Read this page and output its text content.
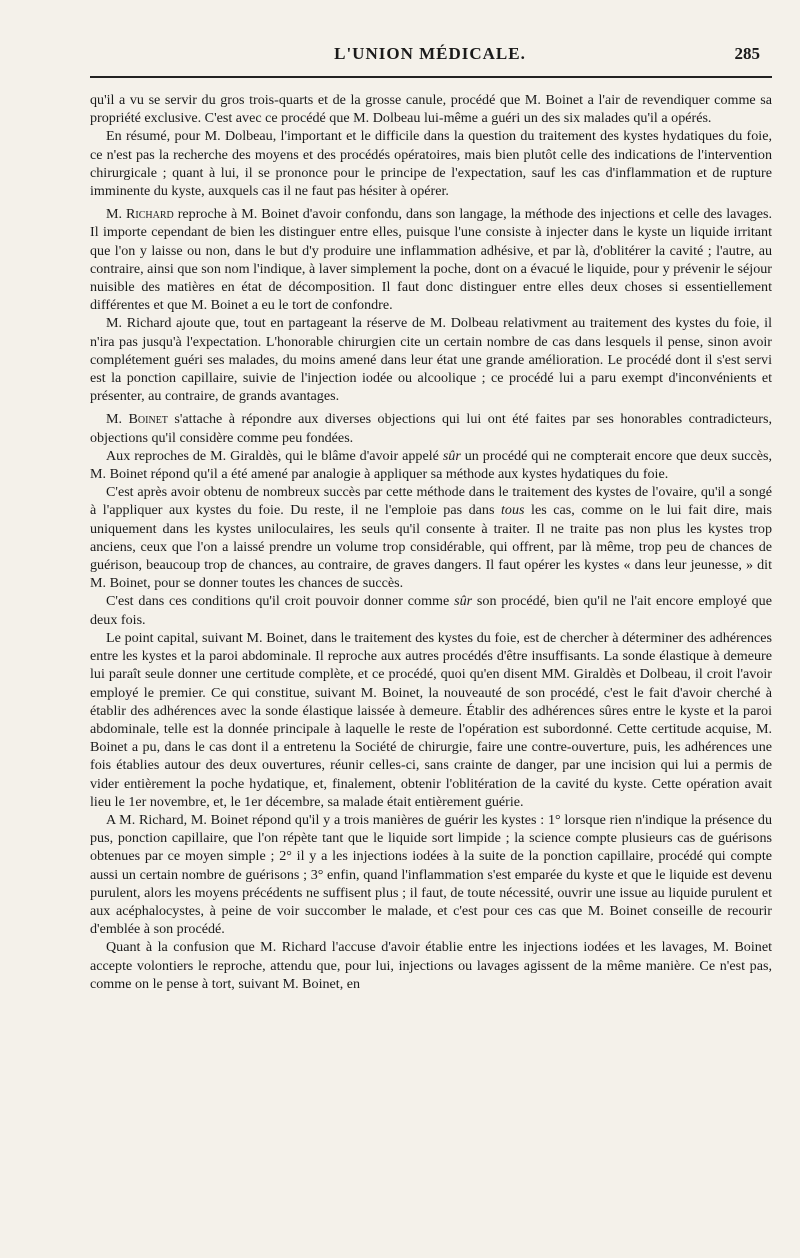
L'UNION MÉDICALE.	285

qu'il a vu se servir du gros trois-quarts et de la grosse canule, procédé que M. Boinet a l'air de revendiquer comme sa propriété exclusive. C'est avec ce procédé que M. Dolbeau lui-même a guéri un des six malades qu'il a opérés.

En résumé, pour M. Dolbeau, l'important et le difficile dans la question du traitement des kystes hydatiques du foie, ce n'est pas la recherche des moyens et des procédés opératoires, mais bien plutôt celle des indications de l'intervention chirurgicale ; quant à lui, il se prononce pour le principe de l'expectation, sauf les cas d'inflammation et de rupture imminente du kyste, auxquels cas il ne faut pas hésiter à opérer.

M. Richard reproche à M. Boinet d'avoir confondu, dans son langage, la méthode des injections et celle des lavages. Il importe cependant de bien les distinguer entre elles, puisque l'une consiste à injecter dans le kyste un liquide irritant que l'on y laisse ou non, dans le but d'y produire une inflammation adhésive, et par là, d'oblitérer la cavité ; l'autre, au contraire, ainsi que son nom l'indique, à laver simplement la poche, dont on a évacué le liquide, pour y prévenir le séjour nuisible des matières en état de décomposition. Il faut donc distinguer entre elles deux choses si essentiellement différentes et que M. Boinet a eu le tort de confondre.

M. Richard ajoute que, tout en partageant la réserve de M. Dolbeau relativment au traitement des kystes du foie, il n'ira pas jusqu'à l'expectation. L'honorable chirurgien cite un certain nombre de cas dans lesquels il pense, sinon avoir complétement guéri ses malades, du moins amené dans leur état une grande amélioration. Le procédé dont il s'est servi est la ponction capillaire, suivie de l'injection iodée ou alcoolique ; ce procédé lui a paru exempt d'inconvénients et présenter, au contraire, de grands avantages.

M. Boinet s'attache à répondre aux diverses objections qui lui ont été faites par ses honorables contradicteurs, objections qu'il considère comme peu fondées.

Aux reproches de M. Giraldès, qui le blâme d'avoir appelé sûr un procédé qui ne compterait encore que deux succès, M. Boinet répond qu'il a été amené par analogie à appliquer sa méthode aux kystes hydatiques du foie.

C'est après avoir obtenu de nombreux succès par cette méthode dans le traitement des kystes de l'ovaire, qu'il a songé à l'appliquer aux kystes du foie. Du reste, il ne l'emploie pas dans tous les cas, comme on le lui fait dire, mais uniquement dans les kystes uniloculaires, les seuls qu'il consente à traiter. Il ne traite pas non plus les kystes trop anciens, ceux que l'on a laissé prendre un volume trop considérable, qui offrent, par là même, trop peu de chances de guérison, beaucoup trop de chances, au contraire, de graves dangers. Il faut opérer les kystes « dans leur jeunesse, » dit M. Boinet, pour se donner toutes les chances de succès.

C'est dans ces conditions qu'il croit pouvoir donner comme sûr son procédé, bien qu'il ne l'ait encore employé que deux fois.

Le point capital, suivant M. Boinet, dans le traitement des kystes du foie, est de chercher à déterminer des adhérences entre les kystes et la paroi abdominale. Il reproche aux autres procédés d'être insuffisants. La sonde élastique à demeure lui paraît seule donner une certitude complète, et ce procédé, quoi qu'en disent MM. Giraldès et Dolbeau, il croit l'avoir employé le premier. Ce qui constitue, suivant M. Boinet, la nouveauté de son procédé, c'est le fait d'avoir cherché à établir des adhérences avec la sonde élastique laissée à demeure. Établir des adhérences sûres entre le kyste et la paroi abdominale, telle est la donnée principale à laquelle le reste de l'opération est subordonné. Cette certitude acquise, M. Boinet a pu, dans le cas dont il a entretenu la Société de chirurgie, faire une contre-ouverture, puis, les adhérences une fois établies autour des deux ouvertures, réunir celles-ci, sans crainte de danger, par une incision qui lui a permis de vider entièrement la poche hydatique, et, finalement, obtenir l'oblitération de la cavité du kyste. Cette opération avait lieu le 1er novembre, et, le 1er décembre, sa malade était entièrement guérie.

A M. Richard, M. Boinet répond qu'il y a trois manières de guérir les kystes : 1° lorsque rien n'indique la présence du pus, ponction capillaire, que l'on répète tant que le liquide sort limpide ; la science compte plusieurs cas de guérisons obtenues par ce moyen simple ; 2° il y a les injections iodées à la suite de la ponction capillaire, procédé qui compte aussi un certain nombre de guérisons ; 3° enfin, quand l'inflammation s'est emparée du kyste et que le liquide est devenu purulent, alors les moyens précédents ne suffisent plus ; il faut, de toute nécessité, ouvrir une issue au liquide purulent et aux acéphalocystes, à peine de voir succomber le malade, et c'est pour ces cas que M. Boinet conseille de recourir d'emblée à son procédé.

Quant à la confusion que M. Richard l'accuse d'avoir établie entre les injections iodées et les lavages, M. Boinet accepte volontiers le reproche, attendu que, pour lui, injections ou lavages agissent de la même manière. Ce n'est pas, comme on le pense à tort, suivant M. Boinet, en
